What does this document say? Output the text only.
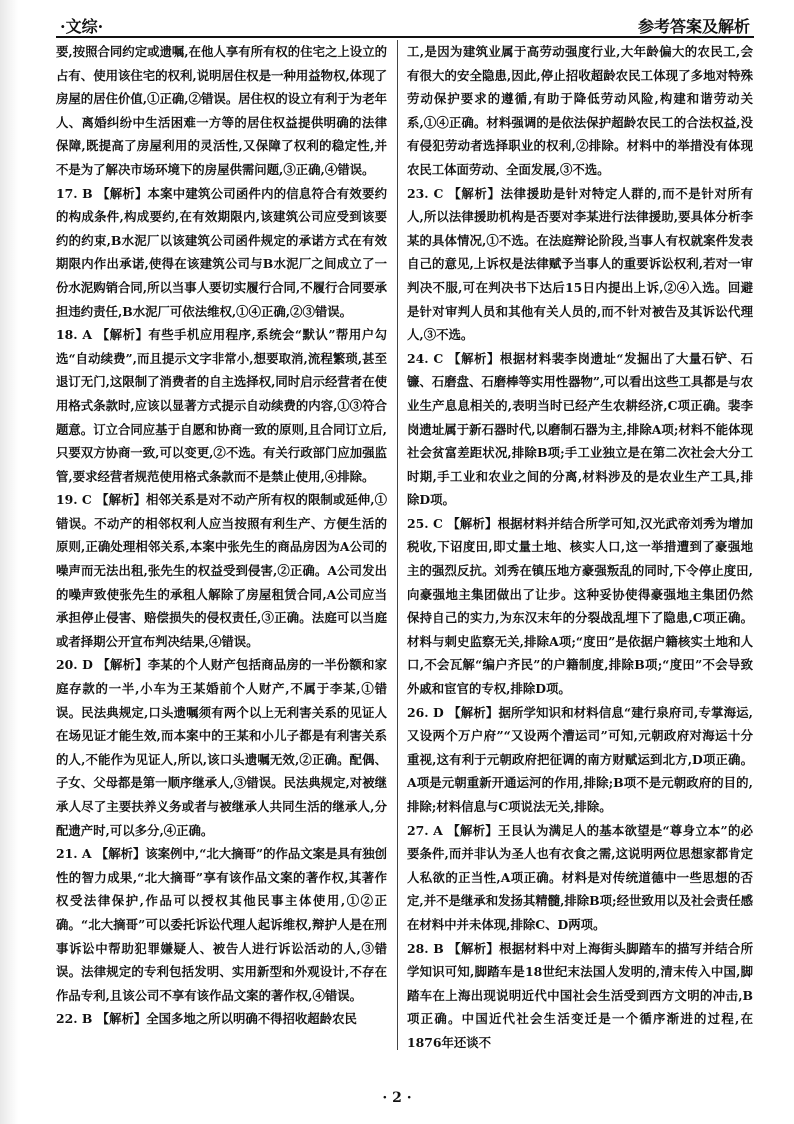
·文综·	参考答案及解析

要,按照合同约定或遗嘱,在他人享有所有权的住宅之上设立的占有、使用该住宅的权利,说明居住权是一种用益物权,体现了房屋的居住价值,①正确,②错误。居住权的设立有利于为老年人、离婚纠纷中生活困难一方等的居住权益提供明确的法律保障,既提高了房屋利用的灵活性,又保障了权利的稳定性,并不是为了解决市场环境下的房屋供需问题,③正确,④错误。

17. B 【解析】本案中建筑公司函件内的信息符合有效要约的构成条件,构成要约,在有效期限内,该建筑公司应受到该要约的约束,B水泥厂以该建筑公司函件规定的承诺方式在有效期限内作出承诺,使得在该建筑公司与B水泥厂之间成立了一份水泥购销合同,所以当事人要切实履行合同,不履行合同要承担违约责任,B水泥厂可依法维权,①④正确,②③错误。

18. A 【解析】有些手机应用程序,系统会“默认”帮用户勾选“自动续费”,而且提示文字非常小,想要取消,流程繁琐,甚至退订无门,这限制了消费者的自主选择权,同时启示经营者在使用格式条款时,应该以显著方式提示自动续费的内容,①③符合题意。订立合同应基于自愿和协商一致的原则,且合同订立后,只要双方协商一致,可以变更,②不选。有关行政部门应加强监管,要求经营者规范使用格式条款而不是禁止使用,④排除。

19. C 【解析】相邻关系是对不动产所有权的限制或延伸,①错误。不动产的相邻权利人应当按照有利生产、方便生活的原则,正确处理相邻关系,本案中张先生的商品房因为A公司的噪声而无法出租,张先生的权益受到侵害,②正确。A公司发出的噪声致使张先生的承租人解除了房屋租赁合同,A公司应当承担停止侵害、赔偿损失的侵权责任,③正确。法庭可以当庭或者择期公开宣布判决结果,④错误。

20. D 【解析】李某的个人财产包括商品房的一半份额和家庭存款的一半,小车为王某婚前个人财产,不属于李某,①错误。民法典规定,口头遗嘱须有两个以上无利害关系的见证人在场见证才能生效,而本案中的王某和小儿子都是有利害关系的人,不能作为见证人,所以,该口头遗嘱无效,②正确。配偶、子女、父母都是第一顺序继承人,③错误。民法典规定,对被继承人尽了主要扶养义务或者与被继承人共同生活的继承人,分配遗产时,可以多分,④正确。

21. A 【解析】该案例中,“北大摘哥”的作品文案是具有独创性的智力成果,“北大摘哥”享有该作品文案的著作权,其著作权受法律保护,作品可以授权其他民事主体使用,①②正确。“北大摘哥”可以委托诉讼代理人起诉维权,辩护人是在刑事诉讼中帮助犯罪嫌疑人、被告人进行诉讼活动的人,③错误。法律规定的专利包括发明、实用新型和外观设计,不存在作品专利,且该公司不享有该作品文案的著作权,④错误。

22. B 【解析】全国多地之所以明确不得招收超龄农民

工,是因为建筑业属于高劳动强度行业,大年龄偏大的农民工,会有很大的安全隐患,因此,停止招收超龄农民工体现了多地对特殊劳动保护要求的遵循,有助于降低劳动风险,构建和谐劳动关系,①④正确。材料强调的是依法保护超龄农民工的合法权益,没有侵犯劳动者选择职业的权利,②排除。材料中的举措没有体现农民工体面劳动、全面发展,③不选。

23. C 【解析】法律援助是针对特定人群的,而不是针对所有人,所以法律援助机构是否要对李某进行法律援助,要具体分析李某的具体情况,①不选。在法庭辩论阶段,当事人有权就案件发表自己的意见,上诉权是法律赋予当事人的重要诉讼权利,若对一审判决不服,可在判决书下达后15日内提出上诉,②④入选。回避是针对审判人员和其他有关人员的,而不针对被告及其诉讼代理人,③不选。

24. C 【解析】根据材料裴李岗遗址“发掘出了大量石铲、石镰、石磨盘、石磨棒等实用性器物”,可以看出这些工具都是与农业生产息息相关的,表明当时已经产生农耕经济,C项正确。裴李岗遗址属于新石器时代,以磨制石器为主,排除A项;材料不能体现社会贫富差距状况,排除B项;手工业独立是在第二次社会大分工时期,手工业和农业之间的分离,材料涉及的是农业生产工具,排除D项。

25. C 【解析】根据材料并结合所学可知,汉光武帝刘秀为增加税收,下诏度田,即丈量土地、核实人口,这一举措遭到了豪强地主的强烈反抗。刘秀在镇压地方豪强叛乱的同时,下令停止度田,向豪强地主集团做出了让步。这种妥协使得豪强地主集团仍然保持自己的实力,为东汉末年的分裂战乱埋下了隐患,C项正确。材料与刺史监察无关,排除A项;“度田”是依据户籍核实土地和人口,不会瓦解“编户齐民”的户籍制度,排除B项;“度田”不会导致外戚和宦官的专权,排除D项。

26. D 【解析】据所学知识和材料信息“建行泉府司,专掌海运,又设两个万户府”“又设两个漕运司”可知,元朝政府对海运十分重视,这有利于元朝政府把征调的南方财赋运到北方,D项正确。A项是元朝重新开通运河的作用,排除;B项不是元朝政府的目的,排除;材料信息与C项说法无关,排除。

27. A 【解析】王艮认为满足人的基本欲望是“尊身立本”的必要条件,而并非认为圣人也有衣食之需,这说明两位思想家都肯定人私欲的正当性,A项正确。材料是对传统道德中一些思想的否定,并不是继承和发扬其精髓,排除B项;经世致用以及社会责任感在材料中并未体现,排除C、D两项。

28. B 【解析】根据材料中对上海街头脚踏车的描写并结合所学知识可知,脚踏车是18世纪末法国人发明的,清末传入中国,脚踏车在上海出现说明近代中国社会生活受到西方文明的冲击,B项正确。中国近代社会生活变迁是一个循序渐进的过程,在1876年还谈不

· 2 ·
